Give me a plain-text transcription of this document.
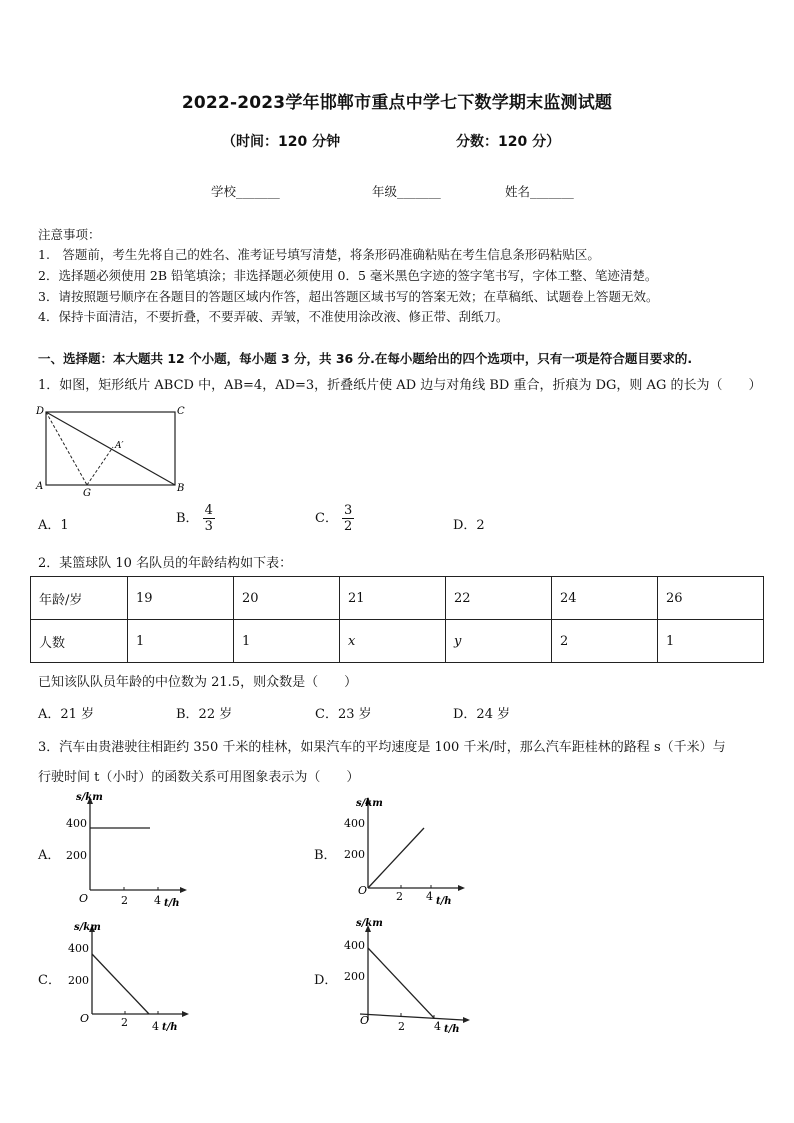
2022-2023学年邯郸市重点中学七下数学期末监测试题
（时间：120 分钟	分数：120 分）
学校_______	年级_______	姓名_______
注意事项：
1.　答题前，考生先将自己的姓名、准考证号填写清楚，将条形码准确粘贴在考生信息条形码粘贴区。
2．选择题必须使用 2B 铅笔填涂；非选择题必须使用 0．5 毫米黑色字迹的签字笔书写，字体工整、笔迹清楚。
3．请按照题号顺序在各题目的答题区域内作答，超出答题区域书写的答案无效；在草稿纸、试题卷上答题无效。
4．保持卡面清洁，不要折叠，不要弄破、弄皱，不准使用涂改液、修正带、刮纸刀。
一、选择题：本大题共 12 个小题，每小题 3 分，共 36 分.在每小题给出的四个选项中，只有一项是符合题目要求的.
1．如图，矩形纸片 ABCD 中，AB=4，AD=3，折叠纸片使 AD 边与对角线 BD 重合，折痕为 DG，则 AG 的长为（　　）
D	C
A	B
G
A′
A．1	B． $\frac{4}{3}$	C． $\frac{3}{2}$	D．2
2．某篮球队 10 名队员的年龄结构如下表：
年龄/岁	19	20	21	22	24	26
人数	1	1	x	y	2	1
已知该队队员年龄的中位数为 21.5，则众数是（　　）
A．21 岁	B．22 岁	C．23 岁	D．24 岁
3．汽车由贵港驶往相距约 350 千米的桂林，如果汽车的平均速度是 100 千米/时，那么汽车距桂林的路程 s（千米）与
行驶时间 t（小时）的函数关系可用图象表示为（　　）
A．	B．
C．	D．
s/km
400
200
O	2 4 t/h
s/km
400
200
O	2 4 t/h
s/km
400
200
O	2 4 t/h
s/km
400
200
O	2	4 t/h
